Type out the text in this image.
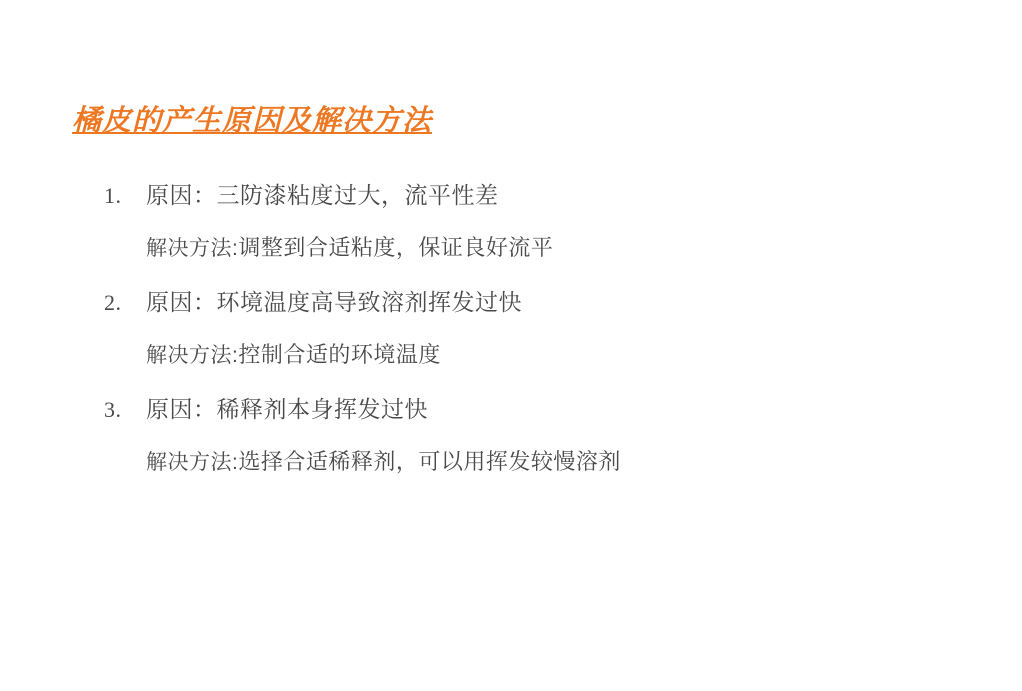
橘皮的产生原因及解决方法
1.	原因：三防漆粘度过大，流平性差
解决方法:调整到合适粘度，保证良好流平
2.	原因：环境温度高导致溶剂挥发过快
解决方法:控制合适的环境温度
3.	原因：稀释剂本身挥发过快
解决方法:选择合适稀释剂，可以用挥发较慢溶剂
